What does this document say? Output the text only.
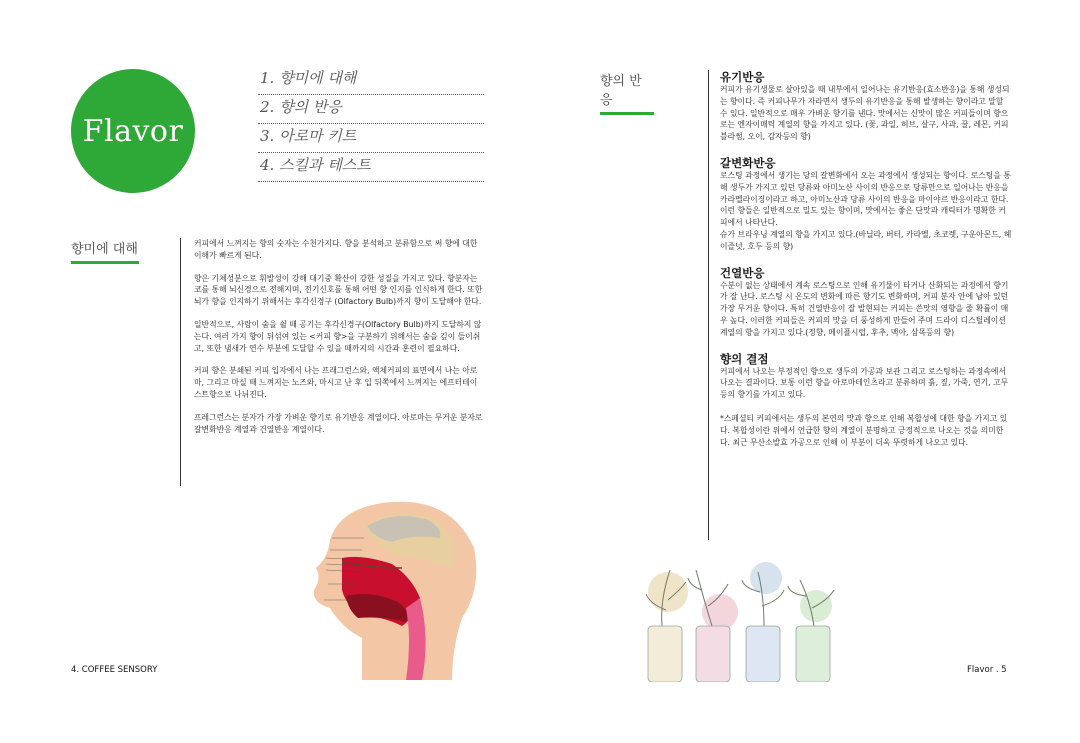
Flavor
1. 향미에 대해
2. 향의 반응
3. 아로마 키트
4. 스킬과 테스트
향미에 대해	커피에서 느껴지는 향의 숫자는 수천가지다. 향을 분석하고 분류함으로 써 향에 대한 이해가 빠르게 된다.

향은 기체성분으로 휘발성이 강해 대기중 확산이 강한 성질을 가지고 있다. 향분자는 코를 통해 뇌신경으로 전해지며, 전기신호를 통해 어떤 향 인지를 인식하게 한다. 또한 뇌가 향을 인지하기 위해서는 후각신경구 (Olfactory Bulb)까지 향이 도달해야 한다.

일반적으로, 사람이 숨을 쉴 때 공기는 후각신경구(Olfactory Bulb)까지 도달하지 않는다. 여러 가지 향이 뒤섞여 있는 <커피 향>을 구분하기 위해서는 숨을 깊이 들이쉬고, 또한 냄새가 연수 부분에 도달할 수 있을 때까지의 시간과 훈련이 필요하다.

커피 향은 분쇄된 커피 입자에서 나는 프래그런스와, 액체커피의 표면에서 나는 아로마, 그리고 마실 때 느껴지는 노즈와, 마시고 난 후 입 뒤쪽에서 느껴지는 에프터테이스트향으로 나뉘진다.

프레그런스는 분자가 가장 가벼운 향기로 유기반응 계열이다. 아로마는 무거운 분자로 갈변화반응 계열과 건열반응 계열이다.

4. COFFEE SENSORY
향의 반응
유기반응

커피가 유기생물로 살아있을 때 내부에서 일어나는 유기반응(효소반응)을 통해 생성되는 향이다. 즉 커피나무가 자라면서 생두의 유기반응을 통해 발생하는 향이라고 말할 수 있다. 일반적으로 매우 가벼운 향기를 낸다. 맛에서는 신맛이 많은 커피들이며 향으로는 엔자이매틱 계열의 향을 가지고 있다. (꽃, 과일, 허브, 살구, 사과, 꿀, 레몬, 커피블라썸, 오이, 감자등의 향)

갈변화반응

로스팅 과정에서 생기는 당의 갈변화에서 오는 과정에서 생성되는 향이다. 로스팅을 통해 생두가 가지고 있던 당류와 아미노산 사이의 반응으로 당류만으로 일어나는 반응을 카라멜라이징이라고 하고, 아미노산과 당류 사이의 반응을 마이야르 반응이라고 한다.

이런 향들은 일반적으로 밀도 있는 향이며, 맛에서는 좋은 단맛과 캐릭터가 명확한 커피에서 나타난다.

슈가 브라우닝 계열의 향을 가지고 있다.(바닐라, 버터, 카라멜, 초코렛, 구운아몬드, 헤이즐넛, 호두 등의 향)

건열반응

수분이 없는 상태에서 계속 로스팅으로 인해 유기물이 타거나 산화되는 과정에서 향기가 잘 난다. 로스팅 시 온도의 변화에 따른 향기도 변화하며, 커피 분자 안에 남아 있던 가장 무거운 향이다. 특히 건열반응이 잘 발현되는 커피는 쓴맛의 영향을 줄 확률이 매우 높다. 이러한 커피들은 커피의 맛을 더 풍성하게 만들어 주며 드라이 디스틸레이션 계열의 향을 가지고 있다.(정향, 메이플시럽, 후추, 맥아, 삼목등의 향)

향의 결점

커피에서 나오는 부정적인 향으로 생두의 가공과 보관 그리고 로스팅하는 과정속에서 나오는 결과이다. 보통 이런 향을 아로마테인츠라고 분류하며 흙, 짚, 가죽, 연기, 고무등의 향기를 가지고 있다.

*스페셜티 커피에서는 생두의 본연의 맛과 향으로 인해 복합성에 대한 향을 가지고 있다. 복합성이란 위에서 언급한 향의 계열이 분명하고 긍정적으로 나오는 것을 의미한다. 최근 무산소발효 가공으로 인해 이 부분이 더욱 뚜렷하게 나오고 있다.

Flavor . 5
